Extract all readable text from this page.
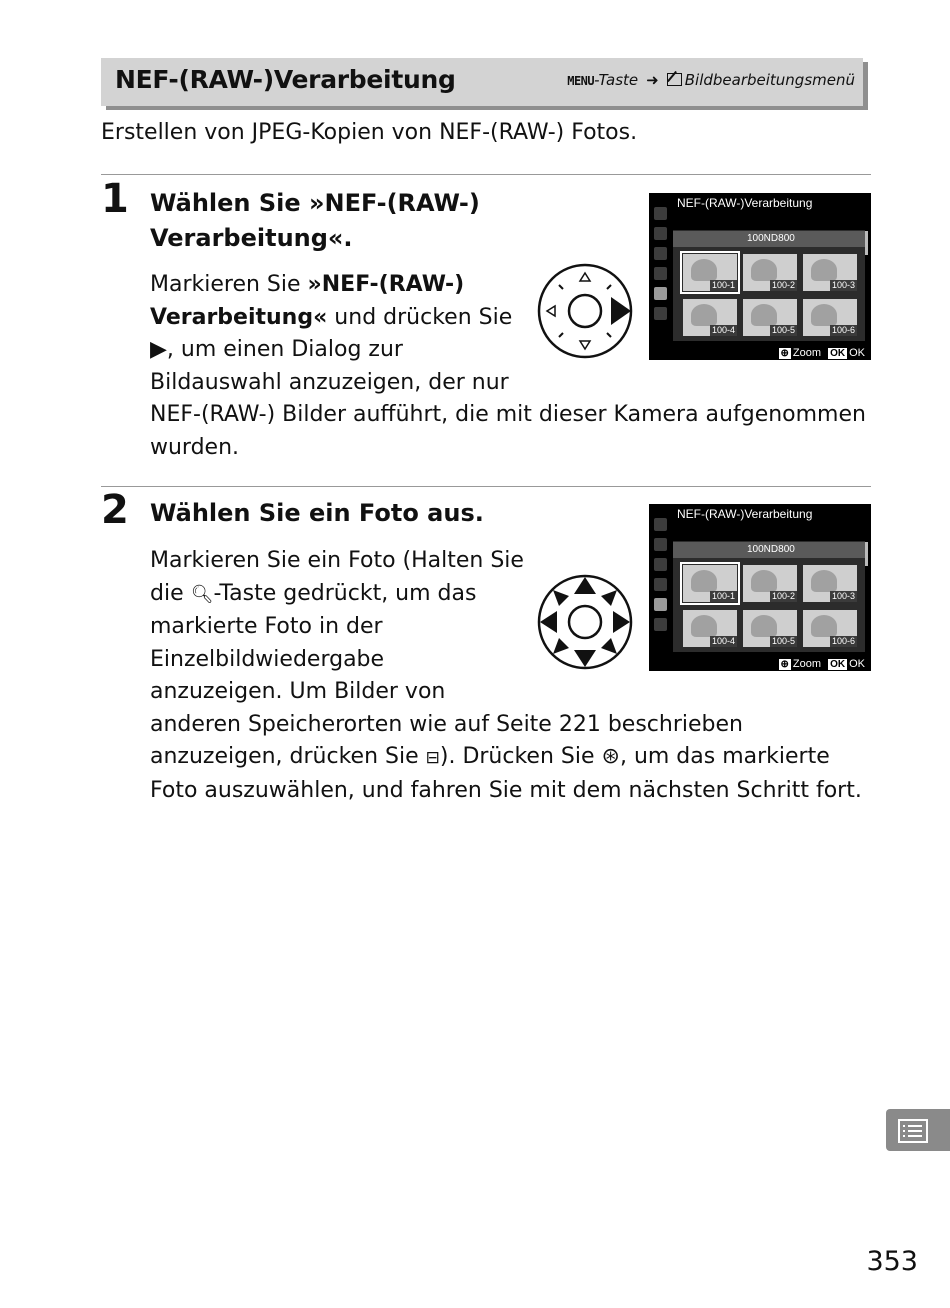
NEF-(RAW-)Verarbeitung	MENU-Taste ➜ Bildbearbeitungsmenü
Erstellen von JPEG-Kopien von NEF-(RAW-) Fotos.
1 Wählen Sie »NEF-(RAW-)
Verarbeitung«.
Markieren Sie »NEF-(RAW-)
Verarbeitung« und drücken Sie
▶, um einen Dialog zur
Bildauswahl anzuzeigen, der nur
NEF-(RAW-) Bilder aufführt, die mit dieser Kamera aufgenommen
wurden.
NEF-(RAW-)Verarbeitung
100ND800
100-1	100-2	100-3
100-4	100-5	100-6
⊕ Zoom OK OK
2 Wählen Sie ein Foto aus.
Markieren Sie ein Foto (Halten Sie
die 🔍︎-Taste gedrückt, um das
markierte Foto in der
Einzelbildwiedergabe
anzuzeigen. Um Bilder von
anderen Speicherorten wie auf Seite 221 beschrieben
anzuzeigen, drücken Sie ⊟). Drücken Sie ⊛, um das markierte
Foto auszuwählen, und fahren Sie mit dem nächsten Schritt fort.
NEF-(RAW-)Verarbeitung
100ND800
100-1	100-2	100-3
100-4	100-5	100-6
⊕ Zoom OK OK
353
